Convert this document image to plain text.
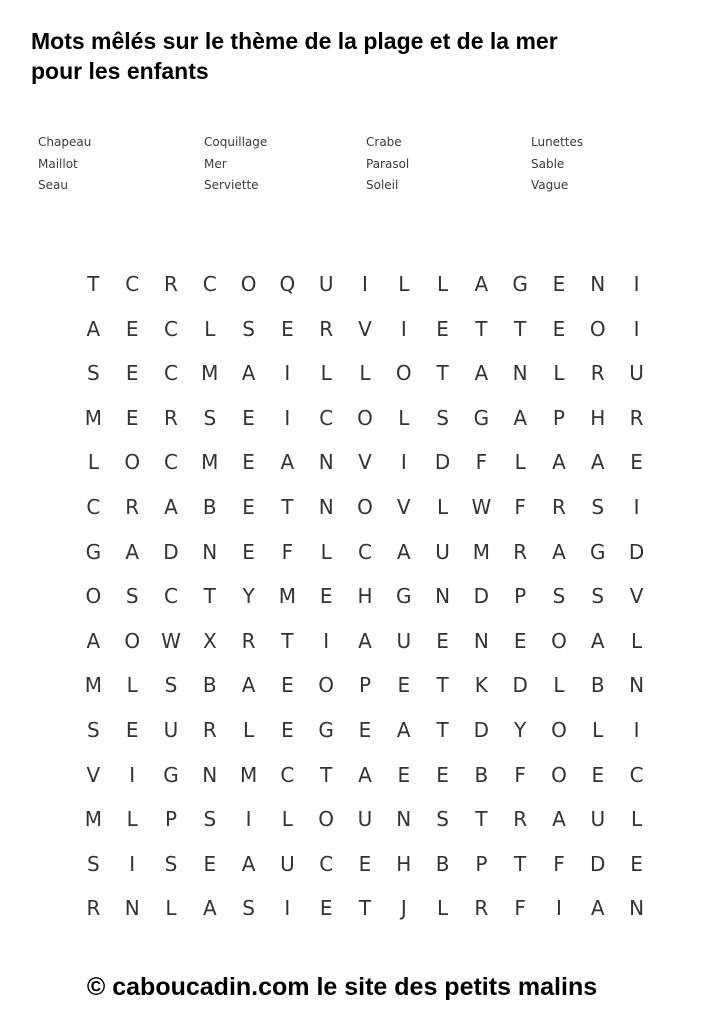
Mots mêlés sur le thème de la plage et de la mer
pour les enfants
Chapeau	Coquillage	Crabe	Lunettes
Maillot	Mer	Parasol	Sable
Seau	Serviette	Soleil	Vague
T	C	R	C	O	Q	U	I	L	L	A	G	E	N	I
A	E	C	L	S	E	R	V	I	E	T	T	E	O	I
S	E	C	M	A	I	L	L	O	T	A	N	L	R	U
M	E	R	S	E	I	C	O	L	S	G	A	P	H	R
L	O	C	M	E	A	N	V	I	D	F	L	A	A	E
C	R	A	B	E	T	N	O	V	L	W	F	R	S	I
G	A	D	N	E	F	L	C	A	U	M	R	A	G	D
O	S	C	T	Y	M	E	H	G	N	D	P	S	S	V
A	O	W	X	R	T	I	A	U	E	N	E	O	A	L
M	L	S	B	A	E	O	P	E	T	K	D	L	B	N
S	E	U	R	L	E	G	E	A	T	D	Y	O	L	I
V	I	G	N	M	C	T	A	E	E	B	F	O	E	C
M	L	P	S	I	L	O	U	N	S	T	R	A	U	L
S	I	S	E	A	U	C	E	H	B	P	T	F	D	E
R	N	L	A	S	I	E	T	J	L	R	F	I	A	N

© caboucadin.com le site des petits malins
